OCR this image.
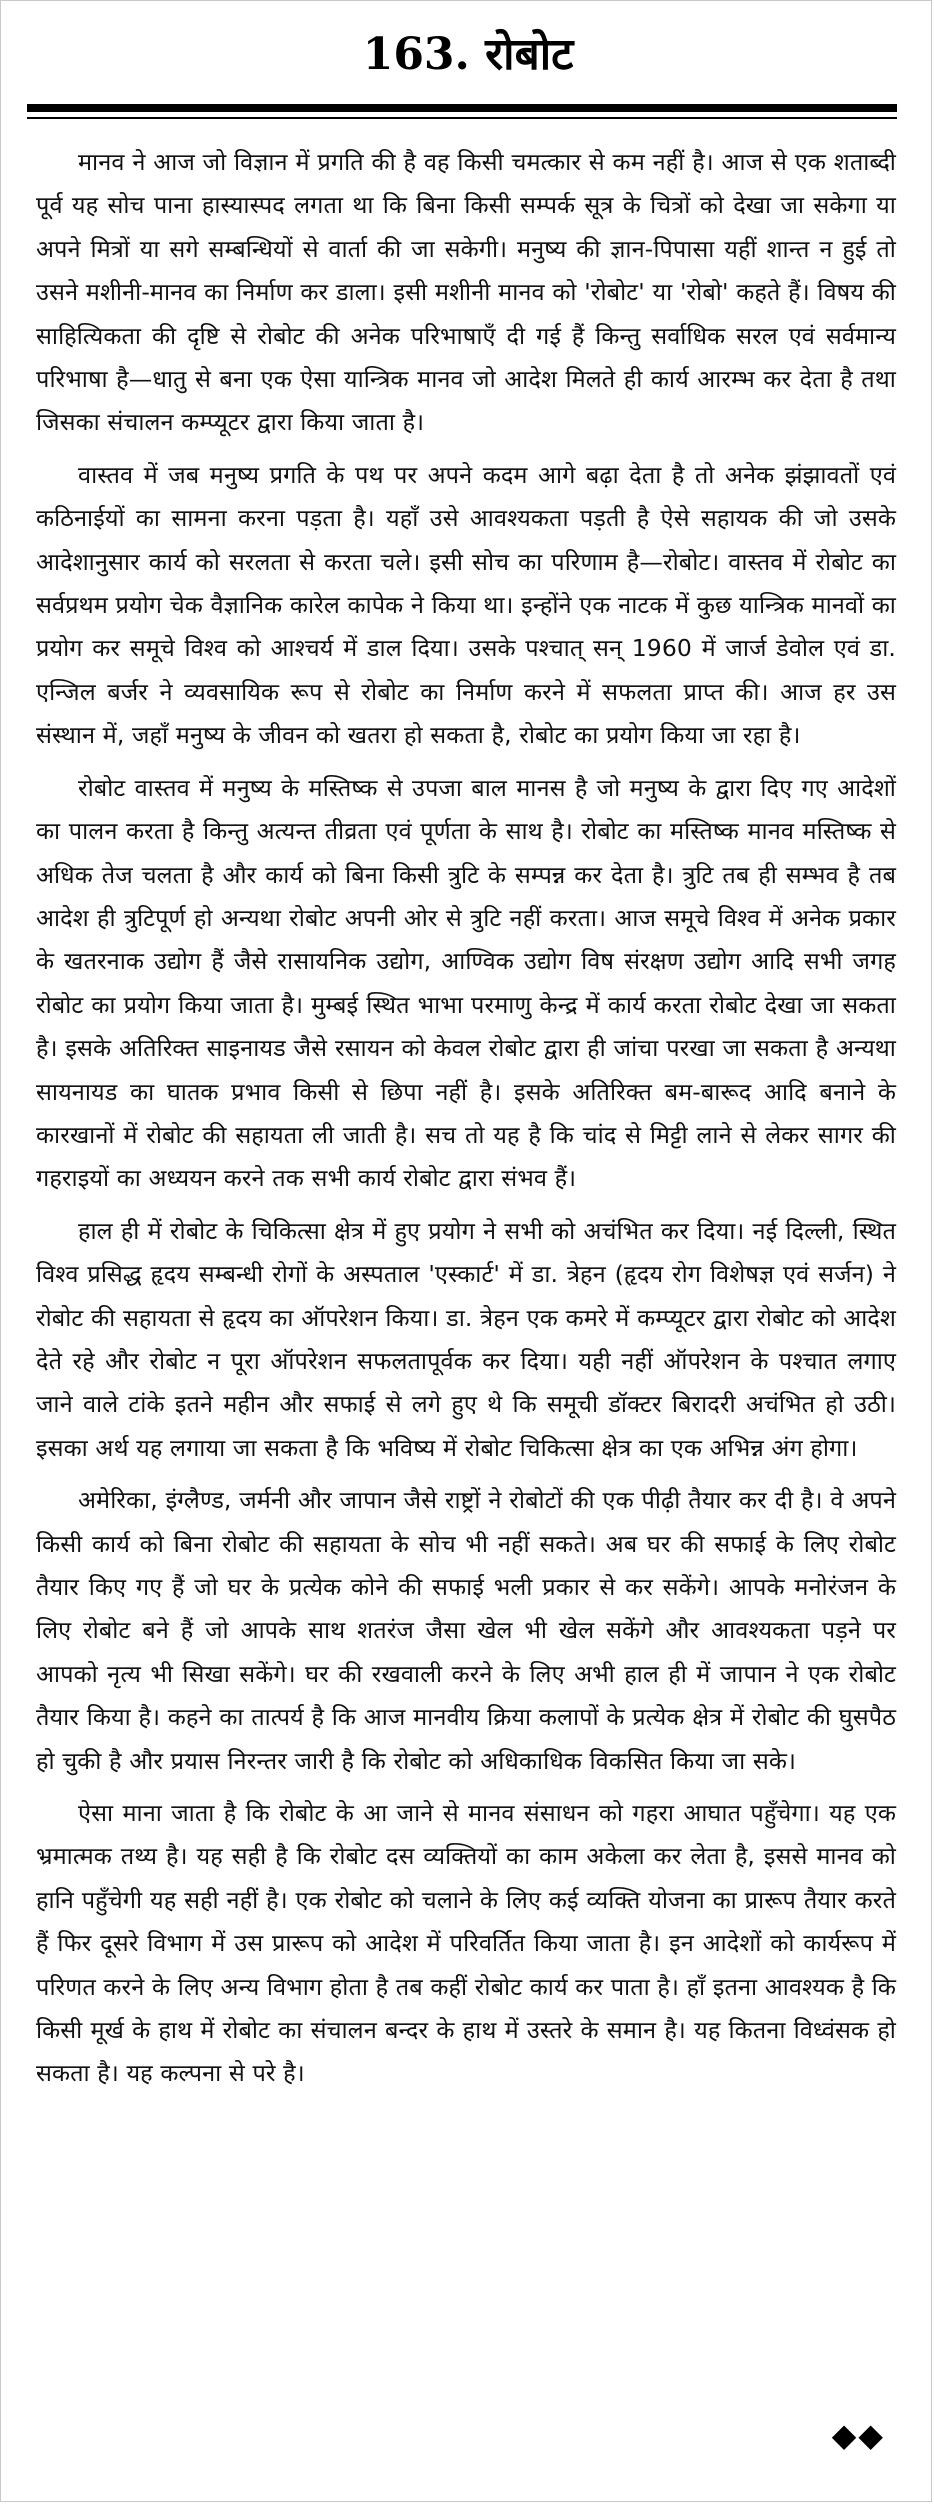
163. रोबोट

मानव ने आज जो विज्ञान में प्रगति की है वह किसी चमत्कार से कम नहीं है। आज से एक शताब्दी पूर्व यह सोच पाना हास्यास्पद लगता था कि बिना किसी सम्पर्क सूत्र के चित्रों को देखा जा सकेगा या अपने मित्रों या सगे सम्बन्धियों से वार्ता की जा सकेगी। मनुष्य की ज्ञान-पिपासा यहीं शान्त न हुई तो उसने मशीनी-मानव का निर्माण कर डाला। इसी मशीनी मानव को 'रोबोट' या 'रोबो' कहते हैं। विषय की साहित्यिकता की दृष्टि से रोबोट की अनेक परिभाषाएँ दी गई हैं किन्तु सर्वाधिक सरल एवं सर्वमान्य परिभाषा है—धातु से बना एक ऐसा यान्त्रिक मानव जो आदेश मिलते ही कार्य आरम्भ कर देता है तथा जिसका संचालन कम्प्यूटर द्वारा किया जाता है।

वास्तव में जब मनुष्य प्रगति के पथ पर अपने कदम आगे बढ़ा देता है तो अनेक झंझावतों एवं कठिनाईयों का सामना करना पड़ता है। यहाँ उसे आवश्यकता पड़ती है ऐसे सहायक की जो उसके आदेशानुसार कार्य को सरलता से करता चले। इसी सोच का परिणाम है—रोबोट। वास्तव में रोबोट का सर्वप्रथम प्रयोग चेक वैज्ञानिक कारेल कापेक ने किया था। इन्होंने एक नाटक में कुछ यान्त्रिक मानवों का प्रयोग कर समूचे विश्व को आश्चर्य में डाल दिया। उसके पश्चात् सन् 1960 में जार्ज डेवोल एवं डा. एन्जिल बर्जर ने व्यवसायिक रूप से रोबोट का निर्माण करने में सफलता प्राप्त की। आज हर उस संस्थान में, जहाँ मनुष्य के जीवन को खतरा हो सकता है, रोबोट का प्रयोग किया जा रहा है।

रोबोट वास्तव में मनुष्य के मस्तिष्क से उपजा बाल मानस है जो मनुष्य के द्वारा दिए गए आदेशों का पालन करता है किन्तु अत्यन्त तीव्रता एवं पूर्णता के साथ है। रोबोट का मस्तिष्क मानव मस्तिष्क से अधिक तेज चलता है और कार्य को बिना किसी त्रुटि के सम्पन्न कर देता है। त्रुटि तब ही सम्भव है तब आदेश ही त्रुटिपूर्ण हो अन्यथा रोबोट अपनी ओर से त्रुटि नहीं करता। आज समूचे विश्व में अनेक प्रकार के खतरनाक उद्योग हैं जैसे रासायनिक उद्योग, आण्विक उद्योग विष संरक्षण उद्योग आदि सभी जगह रोबोट का प्रयोग किया जाता है। मुम्बई स्थित भाभा परमाणु केन्द्र में कार्य करता रोबोट देखा जा सकता है। इसके अतिरिक्त साइनायड जैसे रसायन को केवल रोबोट द्वारा ही जांचा परखा जा सकता है अन्यथा सायनायड का घातक प्रभाव किसी से छिपा नहीं है। इसके अतिरिक्त बम-बारूद आदि बनाने के कारखानों में रोबोट की सहायता ली जाती है। सच तो यह है कि चांद से मिट्टी लाने से लेकर सागर की गहराइयों का अध्ययन करने तक सभी कार्य रोबोट द्वारा संभव हैं।

हाल ही में रोबोट के चिकित्सा क्षेत्र में हुए प्रयोग ने सभी को अचंभित कर दिया। नई दिल्ली, स्थित विश्व प्रसिद्ध हृदय सम्बन्धी रोगों के अस्पताल 'एस्कार्ट' में डा. त्रेहन (हृदय रोग विशेषज्ञ एवं सर्जन) ने रोबोट की सहायता से हृदय का ऑपरेशन किया। डा. त्रेहन एक कमरे में कम्प्यूटर द्वारा रोबोट को आदेश देते रहे और रोबोट न पूरा ऑपरेशन सफलतापूर्वक कर दिया। यही नहीं ऑपरेशन के पश्चात लगाए जाने वाले टांके इतने महीन और सफाई से लगे हुए थे कि समूची डॉक्टर बिरादरी अचंभित हो उठी। इसका अर्थ यह लगाया जा सकता है कि भविष्य में रोबोट चिकित्सा क्षेत्र का एक अभिन्न अंग होगा।

अमेरिका, इंग्लैण्ड, जर्मनी और जापान जैसे राष्ट्रों ने रोबोटों की एक पीढ़ी तैयार कर दी है। वे अपने किसी कार्य को बिना रोबोट की सहायता के सोच भी नहीं सकते। अब घर की सफाई के लिए रोबोट तैयार किए गए हैं जो घर के प्रत्येक कोने की सफाई भली प्रकार से कर सकेंगे। आपके मनोरंजन के लिए रोबोट बने हैं जो आपके साथ शतरंज जैसा खेल भी खेल सकेंगे और आवश्यकता पड़ने पर आपको नृत्य भी सिखा सकेंगे। घर की रखवाली करने के लिए अभी हाल ही में जापान ने एक रोबोट तैयार किया है। कहने का तात्पर्य है कि आज मानवीय क्रिया कलापों के प्रत्येक क्षेत्र में रोबोट की घुसपैठ हो चुकी है और प्रयास निरन्तर जारी है कि रोबोट को अधिकाधिक विकसित किया जा सके।

ऐसा माना जाता है कि रोबोट के आ जाने से मानव संसाधन को गहरा आघात पहुँचेगा। यह एक भ्रमात्मक तथ्य है। यह सही है कि रोबोट दस व्यक्तियों का काम अकेला कर लेता है, इससे मानव को हानि पहुँचेगी यह सही नहीं है। एक रोबोट को चलाने के लिए कई व्यक्ति योजना का प्रारूप तैयार करते हैं फिर दूसरे विभाग में उस प्रारूप को आदेश में परिवर्तित किया जाता है। इन आदेशों को कार्यरूप में परिणत करने के लिए अन्य विभाग होता है तब कहीं रोबोट कार्य कर पाता है। हाँ इतना आवश्यक है कि किसी मूर्ख के हाथ में रोबोट का संचालन बन्दर के हाथ में उस्तरे के समान है। यह कितना विध्वंसक हो सकता है। यह कल्पना से परे है।

◆◆
